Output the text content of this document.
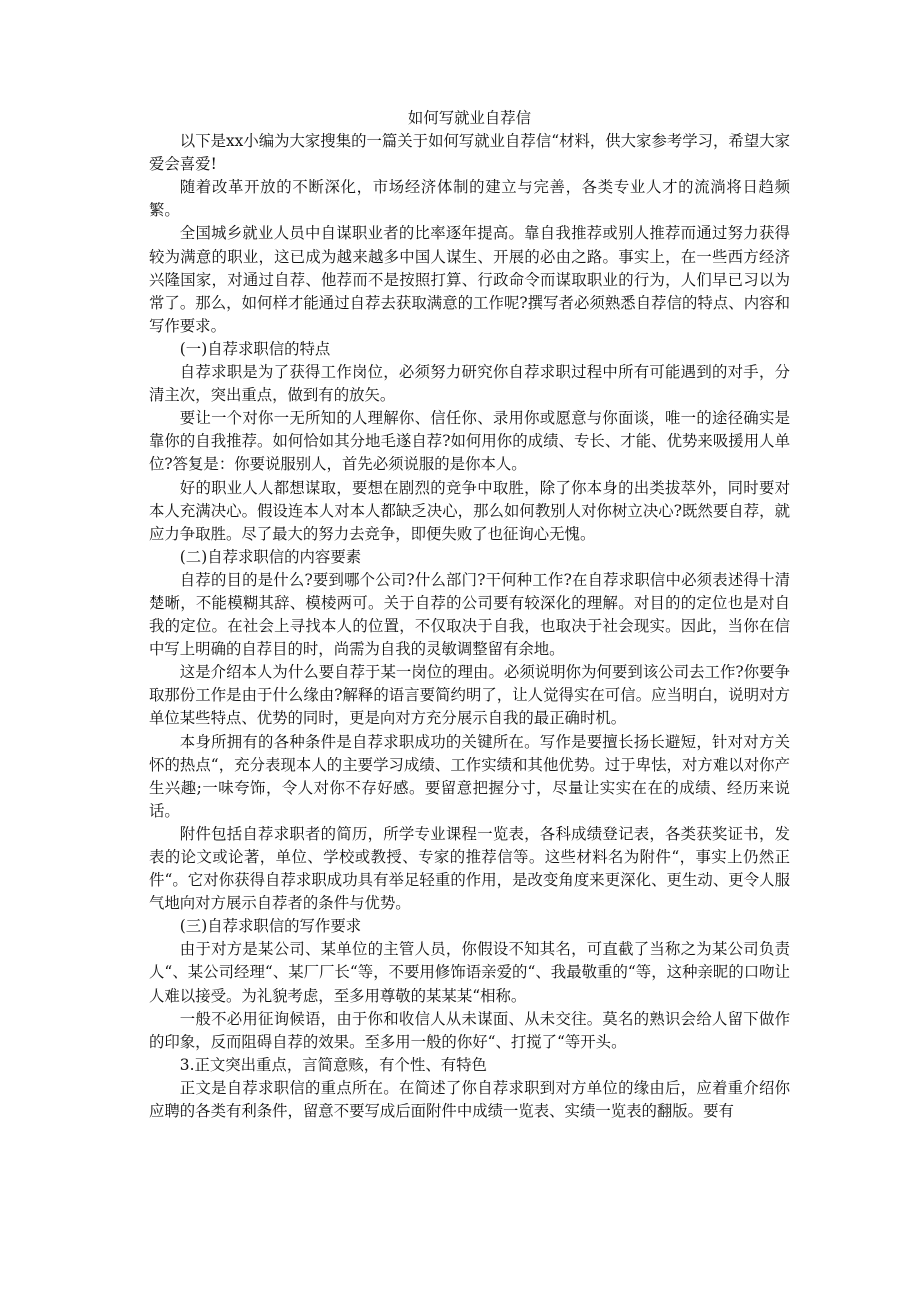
如何写就业自荐信

以下是xx小编为大家搜集的一篇关于如何写就业自荐信“材料，供大家参考学习，希望大家爱会喜爱!

随着改革开放的不断深化，市场经济体制的建立与完善，各类专业人才的流淌将日趋频繁。

全国城乡就业人员中自谋职业者的比率逐年提高。靠自我推荐或别人推荐而通过努力获得较为满意的职业，这已成为越来越多中国人谋生、开展的必由之路。事实上，在一些西方经济兴隆国家，对通过自荐、他荐而不是按照打算、行政命令而谋取职业的行为，人们早已习以为常了。那么，如何样才能通过自荐去获取满意的工作呢?撰写者必须熟悉自荐信的特点、内容和写作要求。

(一)自荐求职信的特点

自荐求职是为了获得工作岗位，必须努力研究你自荐求职过程中所有可能遇到的对手，分清主次，突出重点，做到有的放矢。

要让一个对你一无所知的人理解你、信任你、录用你或愿意与你面谈，唯一的途径确实是靠你的自我推荐。如何恰如其分地毛遂自荐?如何用你的成绩、专长、才能、优势来吸援用人单位?答复是：你要说服别人，首先必须说服的是你本人。

好的职业人人都想谋取，要想在剧烈的竞争中取胜，除了你本身的出类拔萃外，同时要对本人充满决心。假设连本人对本人都缺乏决心，那么如何教别人对你树立决心?既然要自荐，就应力争取胜。尽了最大的努力去竞争，即便失败了也征询心无愧。

(二)自荐求职信的内容要素

自荐的目的是什么?要到哪个公司?什么部门?干何种工作?在自荐求职信中必须表述得十清楚晰，不能模糊其辞、模棱两可。关于自荐的公司要有较深化的理解。对目的的定位也是对自我的定位。在社会上寻找本人的位置，不仅取决于自我，也取决于社会现实。因此，当你在信中写上明确的自荐目的时，尚需为自我的灵敏调整留有余地。

这是介绍本人为什么要自荐于某一岗位的理由。必须说明你为何要到该公司去工作?你要争取那份工作是由于什么缘由?解释的语言要简约明了，让人觉得实在可信。应当明白，说明对方单位某些特点、优势的同时，更是向对方充分展示自我的最正确时机。

本身所拥有的各种条件是自荐求职成功的关键所在。写作是要擅长扬长避短，针对对方关怀的热点“，充分表现本人的主要学习成绩、工作实绩和其他优势。过于卑怯，对方难以对你产生兴趣;一味夸饰，令人对你不存好感。要留意把握分寸，尽量让实实在在的成绩、经历来说话。

附件包括自荐求职者的简历，所学专业课程一览表，各科成绩登记表，各类获奖证书，发表的论文或论著，单位、学校或教授、专家的推荐信等。这些材料名为附件“，事实上仍然正件“。它对你获得自荐求职成功具有举足轻重的作用，是改变角度来更深化、更生动、更令人服气地向对方展示自荐者的条件与优势。

(三)自荐求职信的写作要求

由于对方是某公司、某单位的主管人员，你假设不知其名，可直截了当称之为某公司负责人“、某公司经理“、某厂厂长“等，不要用修饰语亲爱的“、我最敬重的“等，这种亲昵的口吻让人难以接受。为礼貌考虑，至多用尊敬的某某某“相称。

一般不必用征询候语，由于你和收信人从未谋面、从未交往。莫名的熟识会给人留下做作的印象，反而阻碍自荐的效果。至多用一般的你好“、打搅了“等开头。

3.正文突出重点，言简意赅，有个性、有特色

正文是自荐求职信的重点所在。在简述了你自荐求职到对方单位的缘由后，应着重介绍你应聘的各类有利条件，留意不要写成后面附件中成绩一览表、实绩一览表的翻版。要有
